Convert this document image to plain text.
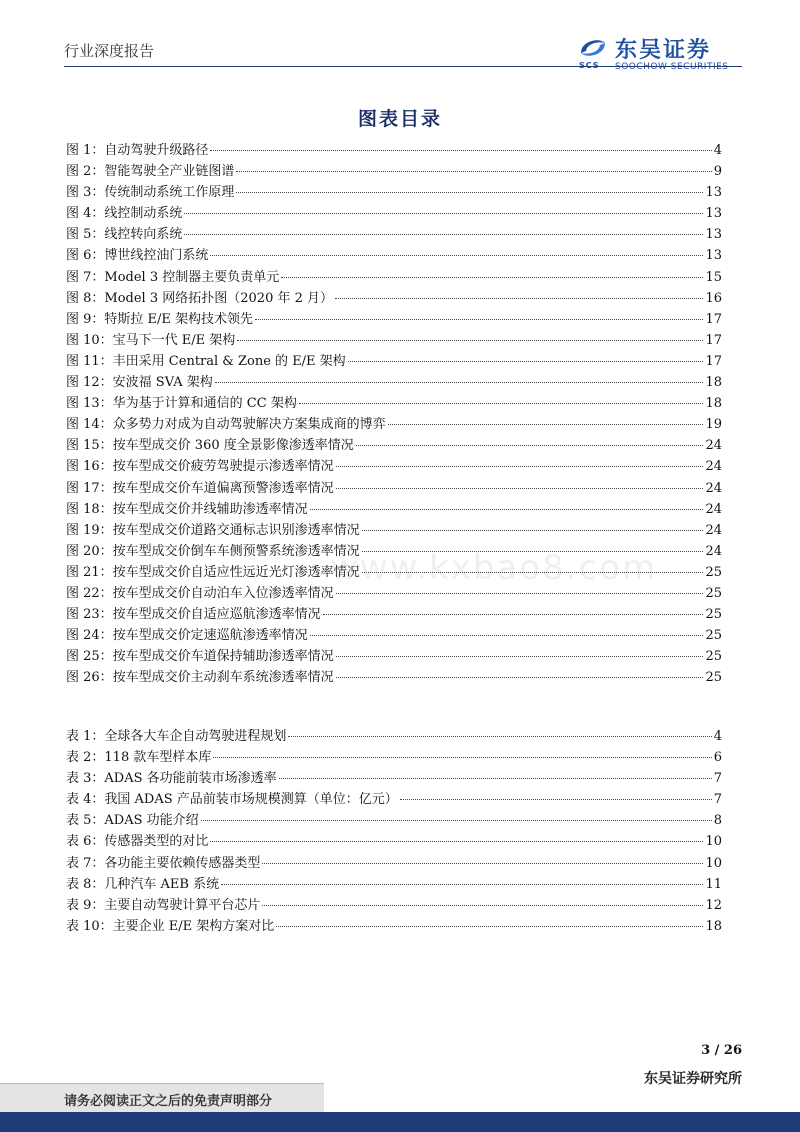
行业深度报告
SCS
东吴证券
SOOCHOW SECURITIES
图表目录
图 1：自动驾驶升级路径	4
图 2：智能驾驶全产业链图谱	9
图 3：传统制动系统工作原理	13
图 4：线控制动系统	13
图 5：线控转向系统	13
图 6：博世线控油门系统	13
图 7：Model 3 控制器主要负责单元	15
图 8：Model 3 网络拓扑图（2020 年 2 月）	16
图 9：特斯拉 E/E 架构技术领先	17
图 10：宝马下一代 E/E 架构	17
图 11：丰田采用 Central & Zone 的 E/E 架构	17
图 12：安波福 SVA 架构	18
图 13：华为基于计算和通信的 CC 架构	18
图 14：众多势力对成为自动驾驶解决方案集成商的博弈	19
图 15：按车型成交价 360 度全景影像渗透率情况	24
图 16：按车型成交价疲劳驾驶提示渗透率情况	24
图 17：按车型成交价车道偏离预警渗透率情况	24
图 18：按车型成交价并线辅助渗透率情况	24
图 19：按车型成交价道路交通标志识别渗透率情况	24
图 20：按车型成交价倒车车侧预警系统渗透率情况	24
图 21：按车型成交价自适应性远近光灯渗透率情况	25
图 22：按车型成交价自动泊车入位渗透率情况	25
图 23：按车型成交价自适应巡航渗透率情况	25
图 24：按车型成交价定速巡航渗透率情况	25
图 25：按车型成交价车道保持辅助渗透率情况	25
图 26：按车型成交价主动刹车系统渗透率情况	25
表 1：全球各大车企自动驾驶进程规划	4
表 2：118 款车型样本库	6
表 3：ADAS 各功能前装市场渗透率	7
表 4：我国 ADAS 产品前装市场规模测算（单位：亿元）	7
表 5：ADAS 功能介绍	8
表 6：传感器类型的对比	10
表 7：各功能主要依赖传感器类型	10
表 8：几种汽车 AEB 系统	11
表 9：主要自动驾驶计算平台芯片	12
表 10：主要企业 E/E 架构方案对比	18
www.kxbao8.com
3 / 26
东吴证券研究所
请务必阅读正文之后的免责声明部分
